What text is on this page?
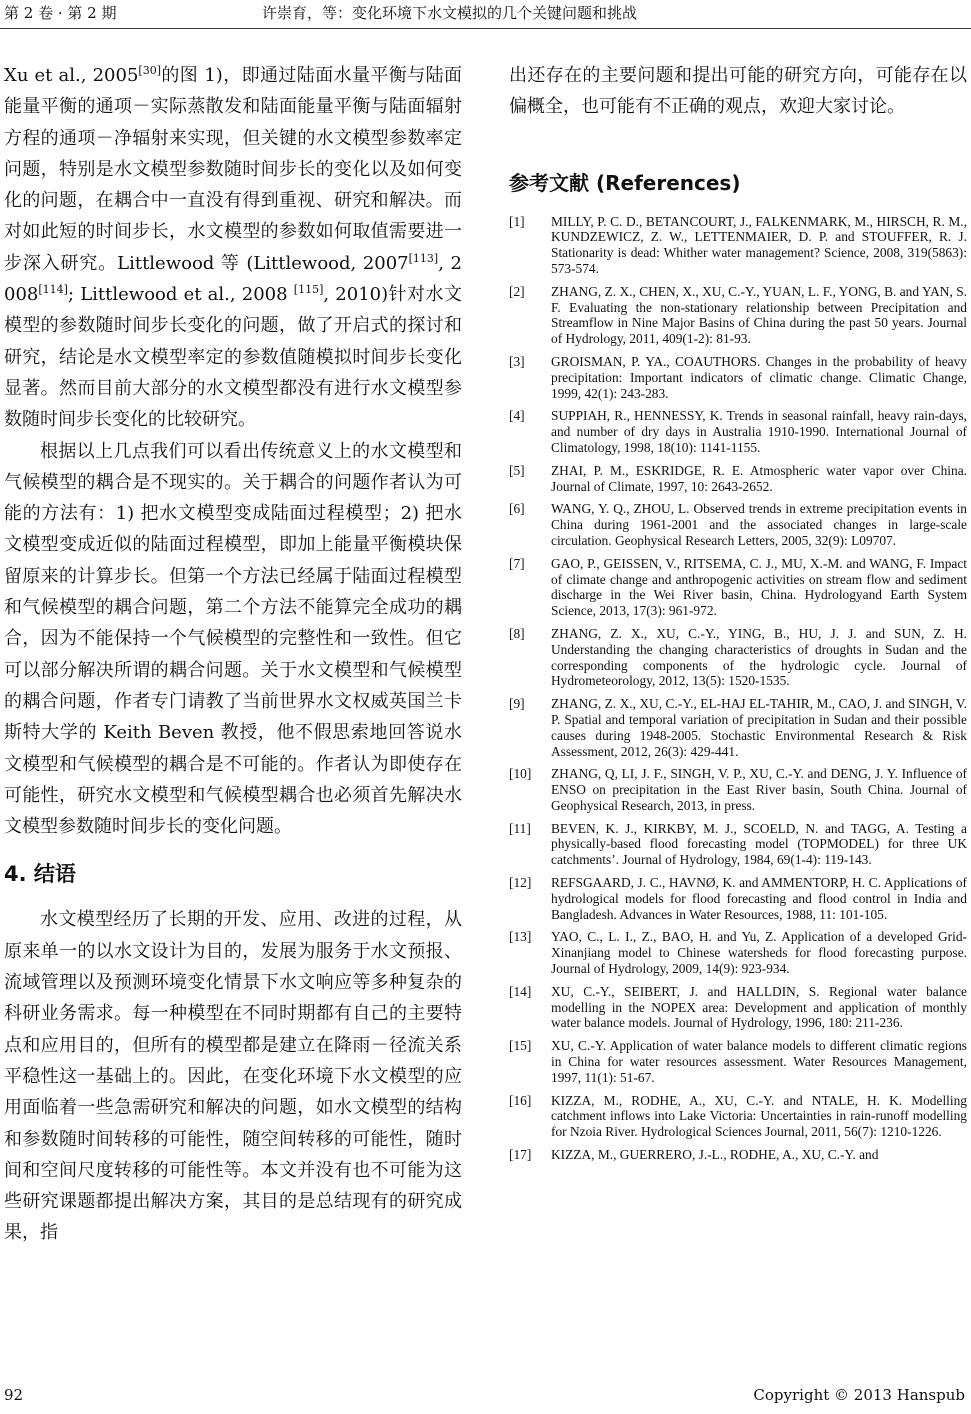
第 2 卷 · 第 2 期	许崇育，等：变化环境下水文模拟的几个关键问题和挑战

Xu et al., 2005[30]的图 1)，即通过陆面水量平衡与陆面能量平衡的通项－实际蒸散发和陆面能量平衡与陆面辐射方程的通项－净辐射来实现，但关键的水文模型参数率定问题，特别是水文模型参数随时间步长的变化以及如何变化的问题，在耦合中一直没有得到重视、研究和解决。而对如此短的时间步长，水文模型的参数如何取值需要进一步深入研究。Littlewood 等 (Littlewood, 2007[113], 2008[114]; Littlewood et al., 2008 [115], 2010)针对水文模型的参数随时间步长变化的问题，做了开启式的探讨和研究，结论是水文模型率定的参数值随模拟时间步长变化显著。然而目前大部分的水文模型都没有进行水文模型参数随时间步长变化的比较研究。

根据以上几点我们可以看出传统意义上的水文模型和气候模型的耦合是不现实的。关于耦合的问题作者认为可能的方法有：1) 把水文模型变成陆面过程模型；2) 把水文模型变成近似的陆面过程模型，即加上能量平衡模块保留原来的计算步长。但第一个方法已经属于陆面过程模型和气候模型的耦合问题，第二个方法不能算完全成功的耦合，因为不能保持一个气候模型的完整性和一致性。但它可以部分解决所谓的耦合问题。关于水文模型和气候模型的耦合问题，作者专门请教了当前世界水文权威英国兰卡斯特大学的 Keith Beven 教授，他不假思索地回答说水文模型和气候模型的耦合是不可能的。作者认为即使存在可能性，研究水文模型和气候模型耦合也必须首先解决水文模型参数随时间步长的变化问题。

4. 结语

水文模型经历了长期的开发、应用、改进的过程，从原来单一的以水文设计为目的，发展为服务于水文预报、流域管理以及预测环境变化情景下水文响应等多种复杂的科研业务需求。每一种模型在不同时期都有自己的主要特点和应用目的，但所有的模型都是建立在降雨－径流关系平稳性这一基础上的。因此，在变化环境下水文模型的应用面临着一些急需研究和解决的问题，如水文模型的结构和参数随时间转移的可能性，随空间转移的可能性，随时间和空间尺度转移的可能性等。本文并没有也不可能为这些研究课题都提出解决方案，其目的是总结现有的研究成果，指

出还存在的主要问题和提出可能的研究方向，可能存在以偏概全，也可能有不正确的观点，欢迎大家讨论。

参考文献 (References)
[1]	MILLY, P. C. D., BETANCOURT, J., FALKENMARK, M., HIRSCH, R. M., KUNDZEWICZ, Z. W., LETTENMAIER, D. P. and STOUFFER, R. J. Stationarity is dead: Whither water management? Science, 2008, 319(5863): 573-574.
[2]	ZHANG, Z. X., CHEN, X., XU, C.-Y., YUAN, L. F., YONG, B. and YAN, S. F. Evaluating the non-stationary relationship between Precipitation and Streamflow in Nine Major Basins of China during the past 50 years. Journal of Hydrology, 2011, 409(1-2): 81-93.
[3]	GROISMAN, P. YA., COAUTHORS. Changes in the probability of heavy precipitation: Important indicators of climatic change. Climatic Change, 1999, 42(1): 243-283.
[4]	SUPPIAH, R., HENNESSY, K. Trends in seasonal rainfall, heavy rain-days, and number of dry days in Australia 1910-1990. International Journal of Climatology, 1998, 18(10): 1141-1155.
[5]	ZHAI, P. M., ESKRIDGE, R. E. Atmospheric water vapor over China. Journal of Climate, 1997, 10: 2643-2652.
[6]	WANG, Y. Q., ZHOU, L. Observed trends in extreme precipitation events in China during 1961-2001 and the associated changes in large-scale circulation. Geophysical Research Letters, 2005, 32(9): L09707.
[7]	GAO, P., GEISSEN, V., RITSEMA, C. J., MU, X.-M. and WANG, F. Impact of climate change and anthropogenic activities on stream flow and sediment discharge in the Wei River basin, China. Hydrologyand Earth System Science, 2013, 17(3): 961-972.
[8]	ZHANG, Z. X., XU, C.-Y., YING, B., HU, J. J. and SUN, Z. H. Understanding the changing characteristics of droughts in Sudan and the corresponding components of the hydrologic cycle. Journal of Hydrometeorology, 2012, 13(5): 1520-1535.
[9]	ZHANG, Z. X., XU, C.-Y., EL-HAJ EL-TAHIR, M., CAO, J. and SINGH, V. P. Spatial and temporal variation of precipitation in Sudan and their possible causes during 1948-2005. Stochastic Environmental Research & Risk Assessment, 2012, 26(3): 429-441.
[10]	ZHANG, Q, LI, J. F., SINGH, V. P., XU, C.-Y. and DENG, J. Y. Influence of ENSO on precipitation in the East River basin, South China. Journal of Geophysical Research, 2013, in press.
[11]	BEVEN, K. J., KIRKBY, M. J., SCOELD, N. and TAGG, A. Testing a physically-based flood forecasting model (TOPMODEL) for three UK catchments’. Journal of Hydrology, 1984, 69(1-4): 119-143.
[12]	REFSGAARD, J. C., HAVNØ, K. and AMMENTORP, H. C. Applications of hydrological models for flood forecasting and flood control in India and Bangladesh. Advances in Water Resources, 1988, 11: 101-105.
[13]	YAO, C., L. I., Z., BAO, H. and Yu, Z. Application of a developed Grid-Xinanjiang model to Chinese watersheds for flood forecasting purpose. Journal of Hydrology, 2009, 14(9): 923-934.
[14]	XU, C.-Y., SEIBERT, J. and HALLDIN, S. Regional water balance modelling in the NOPEX area: Development and application of monthly water balance models. Journal of Hydrology, 1996, 180: 211-236.
[15]	XU, C.-Y. Application of water balance models to different climatic regions in China for water resources assessment. Water Resources Management, 1997, 11(1): 51-67.
[16]	KIZZA, M., RODHE, A., XU, C.-Y. and NTALE, H. K. Modelling catchment inflows into Lake Victoria: Uncertainties in rain-runoff modelling for Nzoia River. Hydrological Sciences Journal, 2011, 56(7): 1210-1226.
[17]	KIZZA, M., GUERRERO, J.-L., RODHE, A., XU, C.-Y. and
92	Copyright © 2013 Hanspub
